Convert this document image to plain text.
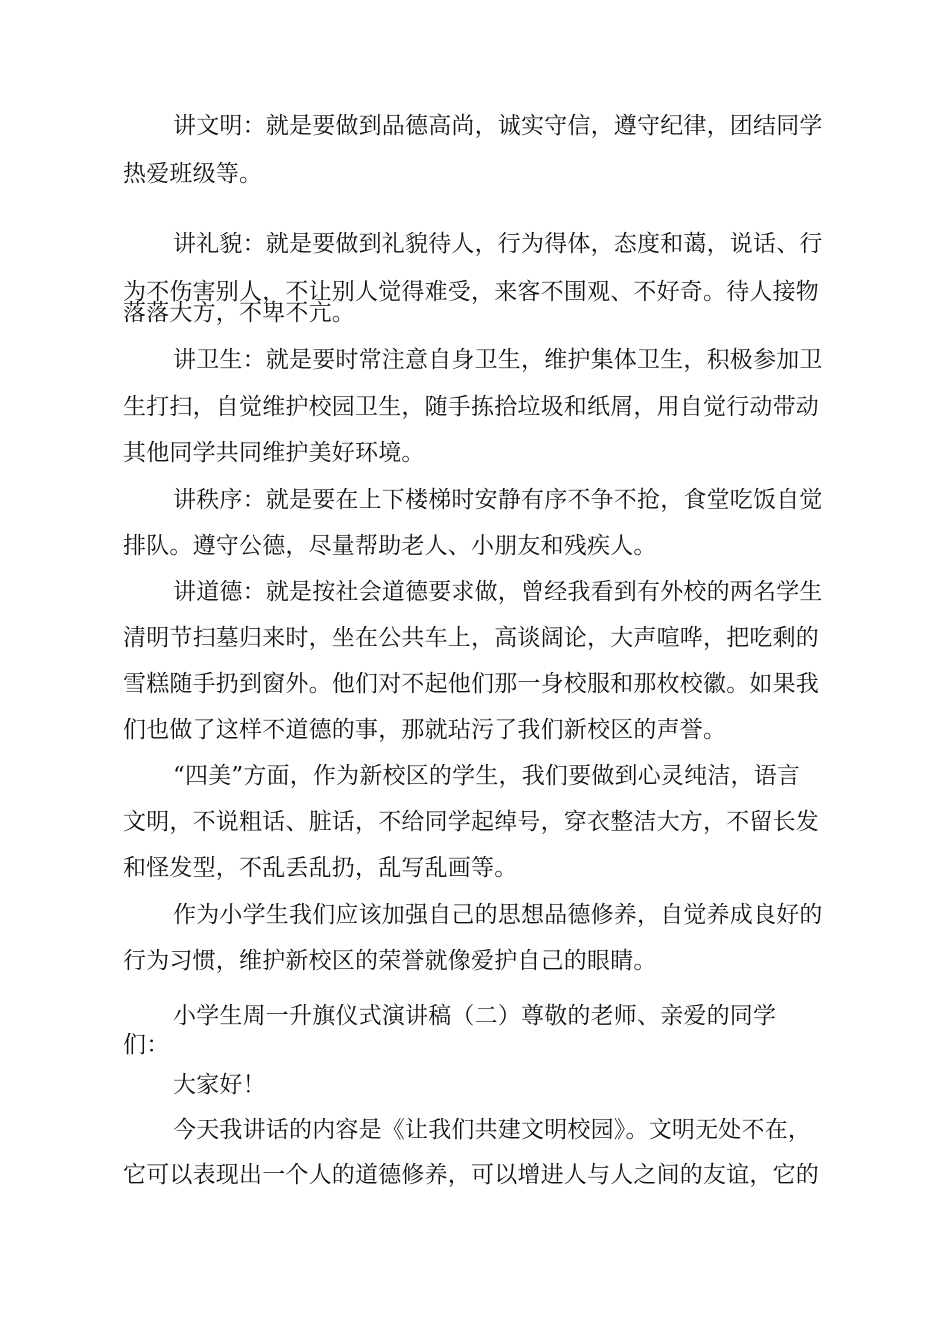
讲文明：就是要做到品德高尚，诚实守信，遵守纪律，团结同学

热爱班级等。

讲礼貌：就是要做到礼貌待人，行为得体，态度和蔼，说话、行

为不伤害别人，不让别人觉得难受，来客不围观、不好奇。待人接物

落落大方，不卑不亢。

讲卫生：就是要时常注意自身卫生，维护集体卫生，积极参加卫

生打扫，自觉维护校园卫生，随手拣拾垃圾和纸屑，用自觉行动带动

其他同学共同维护美好环境。

讲秩序：就是要在上下楼梯时安静有序不争不抢，食堂吃饭自觉

排队。遵守公德，尽量帮助老人、小朋友和残疾人。

讲道德：就是按社会道德要求做，曾经我看到有外校的两名学生

清明节扫墓归来时，坐在公共车上，高谈阔论，大声喧哗，把吃剩的

雪糕随手扔到窗外。他们对不起他们那一身校服和那枚校徽。如果我

们也做了这样不道德的事，那就玷污了我们新校区的声誉。

“四美”方面，作为新校区的学生，我们要做到心灵纯洁，语言

文明，不说粗话、脏话，不给同学起绰号，穿衣整洁大方，不留长发

和怪发型，不乱丢乱扔，乱写乱画等。

作为小学生我们应该加强自己的思想品德修养，自觉养成良好的

行为习惯，维护新校区的荣誉就像爱护自己的眼睛。

小学生周一升旗仪式演讲稿（二）尊敬的老师、亲爱的同学

们：

大家好！

今天我讲话的内容是《让我们共建文明校园》。文明无处不在，

它可以表现出一个人的道德修养，可以增进人与人之间的友谊，它的
